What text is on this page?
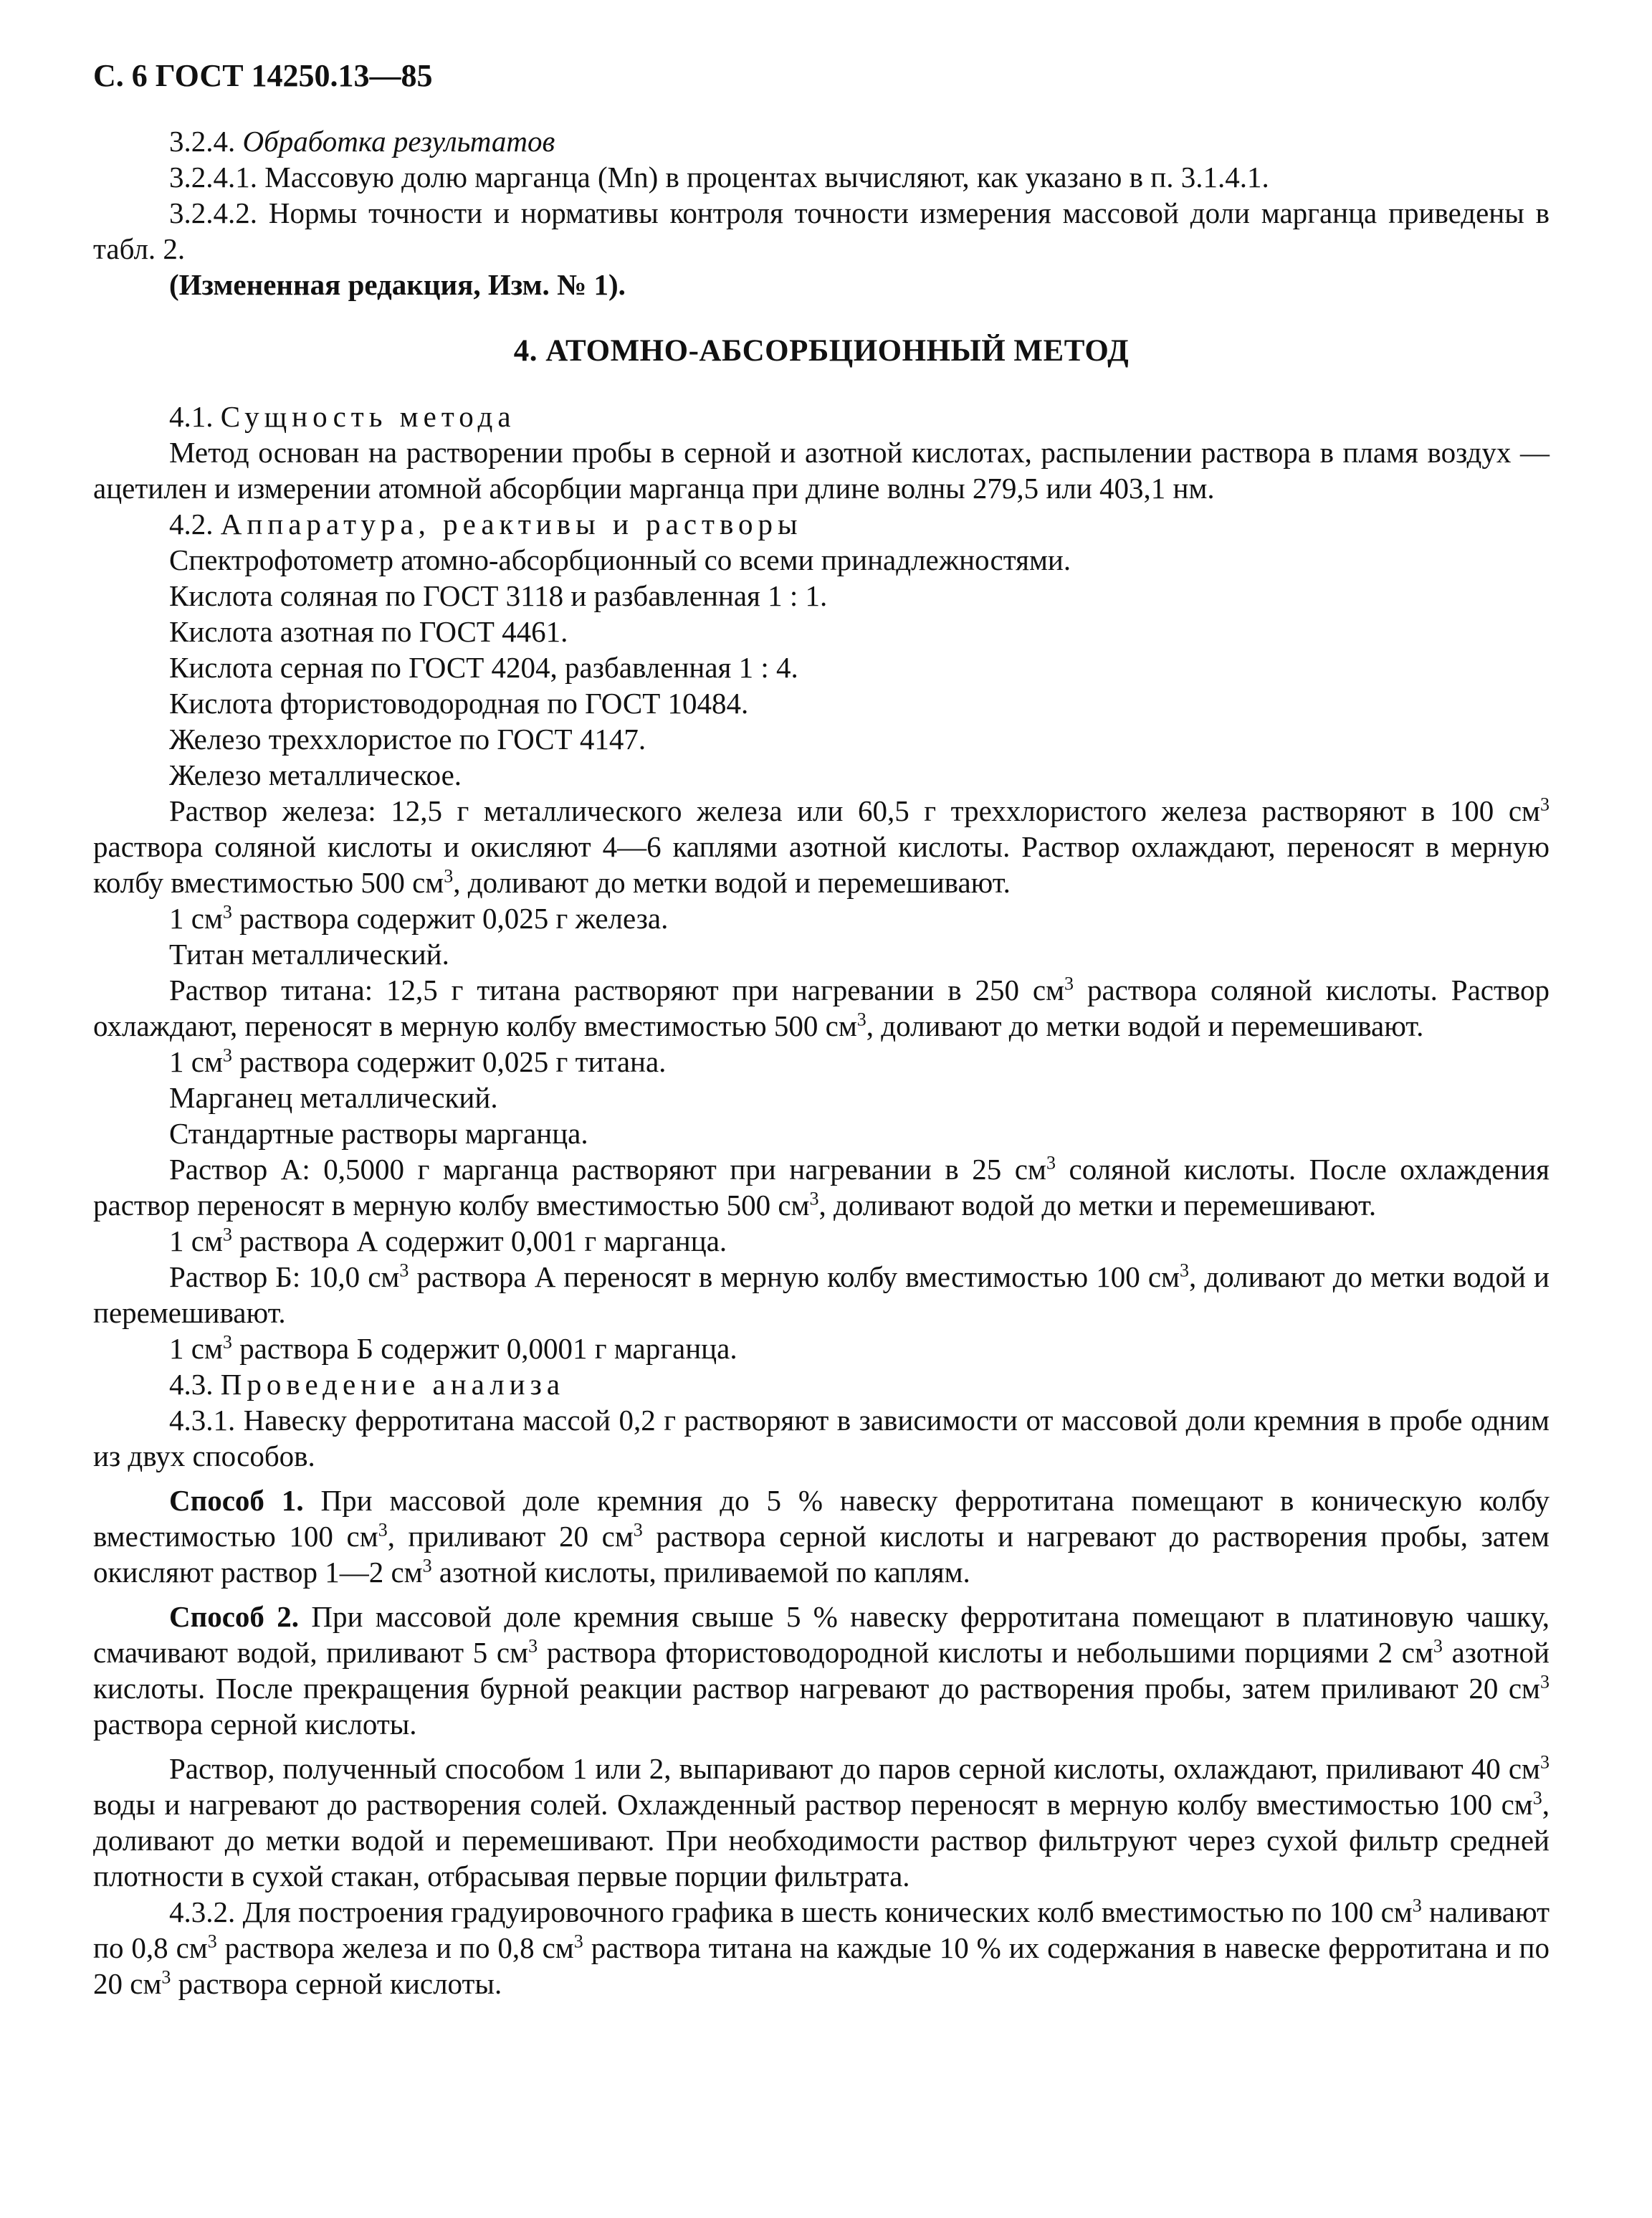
С. 6 ГОСТ 14250.13—85

3.2.4. Обработка результатов

3.2.4.1. Массовую долю марганца (Mn) в процентах вычисляют, как указано в п. 3.1.4.1.

3.2.4.2. Нормы точности и нормативы контроля точности измерения массовой доли марганца приведены в табл. 2.

(Измененная редакция, Изм. № 1).

4. АТОМНО-АБСОРБЦИОННЫЙ МЕТОД

4.1. Сущность метода

Метод основан на растворении пробы в серной и азотной кислотах, распылении раствора в пламя воздух — ацетилен и измерении атомной абсорбции марганца при длине волны 279,5 или 403,1 нм.

4.2. Аппаратура, реактивы и растворы

Спектрофотометр атомно-абсорбционный со всеми принадлежностями.

Кислота соляная по ГОСТ 3118 и разбавленная 1 : 1.

Кислота азотная по ГОСТ 4461.

Кислота серная по ГОСТ 4204, разбавленная 1 : 4.

Кислота фтористоводородная по ГОСТ 10484.

Железо треххлористое по ГОСТ 4147.

Железо металлическое.

Раствор железа: 12,5 г металлического железа или 60,5 г треххлористого железа растворяют в 100 $см^3$ раствора соляной кислоты и окисляют 4—6 каплями азотной кислоты. Раствор охлаждают, переносят в мерную колбу вместимостью 500 $см^3$, доливают до метки водой и перемешивают.

1 $см^3$ раствора содержит 0,025 г железа.

Титан металлический.

Раствор титана: 12,5 г титана растворяют при нагревании в 250 $см^3$ раствора соляной кислоты. Раствор охлаждают, переносят в мерную колбу вместимостью 500 $см^3$, доливают до метки водой и перемешивают.

1 $см^3$ раствора содержит 0,025 г титана.

Марганец металлический.

Стандартные растворы марганца.

Раствор А: 0,5000 г марганца растворяют при нагревании в 25 $см^3$ соляной кислоты. После охлаждения раствор переносят в мерную колбу вместимостью 500 $см^3$, доливают водой до метки и перемешивают.

1 $см^3$ раствора А содержит 0,001 г марганца.

Раствор Б: 10,0 $см^3$ раствора А переносят в мерную колбу вместимостью 100 $см^3$, доливают до метки водой и перемешивают.

1 $см^3$ раствора Б содержит 0,0001 г марганца.

4.3. Проведение анализа

4.3.1. Навеску ферротитана массой 0,2 г растворяют в зависимости от массовой доли кремния в пробе одним из двух способов.

Способ 1. При массовой доле кремния до 5 % навеску ферротитана помещают в коническую колбу вместимостью 100 $см^3$, приливают 20 $см^3$ раствора серной кислоты и нагревают до растворения пробы, затем окисляют раствор 1—2 $см^3$ азотной кислоты, приливаемой по каплям.

Способ 2. При массовой доле кремния свыше 5 % навеску ферротитана помещают в платиновую чашку, смачивают водой, приливают 5 $см^3$ раствора фтористоводородной кислоты и небольшими порциями 2 $см^3$ азотной кислоты. После прекращения бурной реакции раствор нагревают до растворения пробы, затем приливают 20 $см^3$ раствора серной кислоты.

Раствор, полученный способом 1 или 2, выпаривают до паров серной кислоты, охлаждают, приливают 40 $см^3$ воды и нагревают до растворения солей. Охлажденный раствор переносят в мерную колбу вместимостью 100 $см^3$, доливают до метки водой и перемешивают. При необходимости раствор фильтруют через сухой фильтр средней плотности в сухой стакан, отбрасывая первые порции фильтрата.

4.3.2. Для построения градуировочного графика в шесть конических колб вместимостью по 100 $см^3$ наливают по 0,8 $см^3$ раствора железа и по 0,8 $см^3$ раствора титана на каждые 10 % их содержания в навеске ферротитана и по 20 $см^3$ раствора серной кислоты.
